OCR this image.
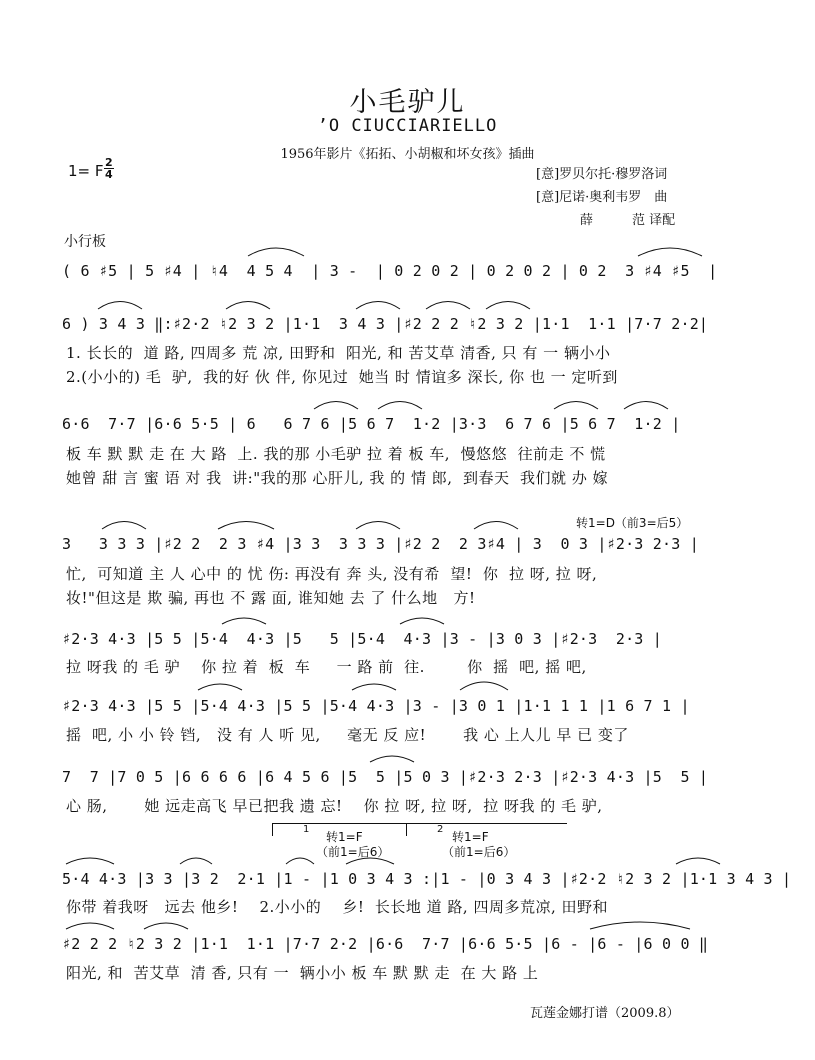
小毛驴儿
’O CIUCCIARIELLO
1956年影片《拓拓、小胡椒和坏女孩》插曲
1= F 2
4	[意]罗贝尔托·穆罗洛词
[意]尼诺·奥利韦罗　曲
薛　　　范 译配
小行板
( 6 ♯5 | 5 ♯4 | ♮4  4 5 4  | 3 -  | 0 2 0 2 | 0 2 0 2 | 0 2  3 ♯4 ♯5  |
6 ) 3 4 3 ‖:♯2·2 ♮2 3 2 |1·1  3 4 3 |♯2 2 2 ♮2 3 2 |1·1  1·1 |7·7 2·2|
1. 长长的  道 路, 四周多 荒 凉, 田野和  阳光, 和 苦艾草 清香, 只 有 一 辆小小
2.(小小的) 毛  驴,  我的好 伙 伴, 你见过  她当 时 情谊多 深长, 你 也 一 定听到
6·6  7·7 |6·6 5·5 | 6   6 7 6 |5 6 7  1·2 |3·3  6 7 6 |5 6 7  1·2 |
板 车 默 默 走 在 大 路  上. 我的那 小毛驴 拉 着 板 车,  慢悠悠  往前走 不 慌
她曾 甜 言 蜜 语 对 我  讲:"我的那 心肝儿, 我 的 情 郎,  到春天  我们就 办 嫁
转1=D（前3=后5）
3   3 3 3 |♯2 2  2 3 ♯4 |3 3  3 3 3 |♯2 2  2 3♯4 | 3  0 3 |♯2·3 2·3 |
忙,  可知道 主 人 心中 的 忧 伤: 再没有 奔 头, 没有希  望!  你  拉 呀, 拉 呀,
妆!"但这是 欺 骗, 再也 不 露 面, 谁知她 去 了 什么地   方!
♯2·3 4·3 |5 5 |5·4  4·3 |5   5 |5·4  4·3 |3 - |3 0 3 |♯2·3  2·3 |
拉 呀我 的 毛 驴    你 拉 着  板  车     一 路 前  往.        你  摇  吧, 摇 吧,
♯2·3 4·3 |5 5 |5·4 4·3 |5 5 |5·4 4·3 |3 - |3 0 1 |1·1 1 1 |1 6 7 1 |
摇  吧, 小 小 铃 铛,   没 有 人 听 见,     毫无 反 应!       我 心 上人儿 早 已 变了
7  7 |7 0 5 |6 6 6 6 |6 4 5 6 |5  5 |5 0 3 |♯2·3 2·3 |♯2·3 4·3 |5  5 |
心 肠,       她 远走高飞 早已把我 遗 忘!    你 拉 呀, 拉 呀,  拉 呀我 的 毛 驴,
1
转1=F
（前1=后6）
2
转1=F
（前1=后6）
5·4 4·3 |3 3 |3 2  2·1 |1 - |1 0 3 4 3 :|1 - |0 3 4 3 |♯2·2 ♮2 3 2 |1·1 3 4 3 |
你带 着我呀   远去 他乡!    2.小小的    乡!  长长地 道 路, 四周多荒凉, 田野和
♯2 2 2 ♮2 3 2 |1·1  1·1 |7·7 2·2 |6·6  7·7 |6·6 5·5 |6 - |6 - |6 0 0 ‖
阳光, 和  苦艾草  清 香, 只有 一  辆小小 板 车 默 默 走  在 大 路 上
瓦莲金娜打谱（2009.8）
